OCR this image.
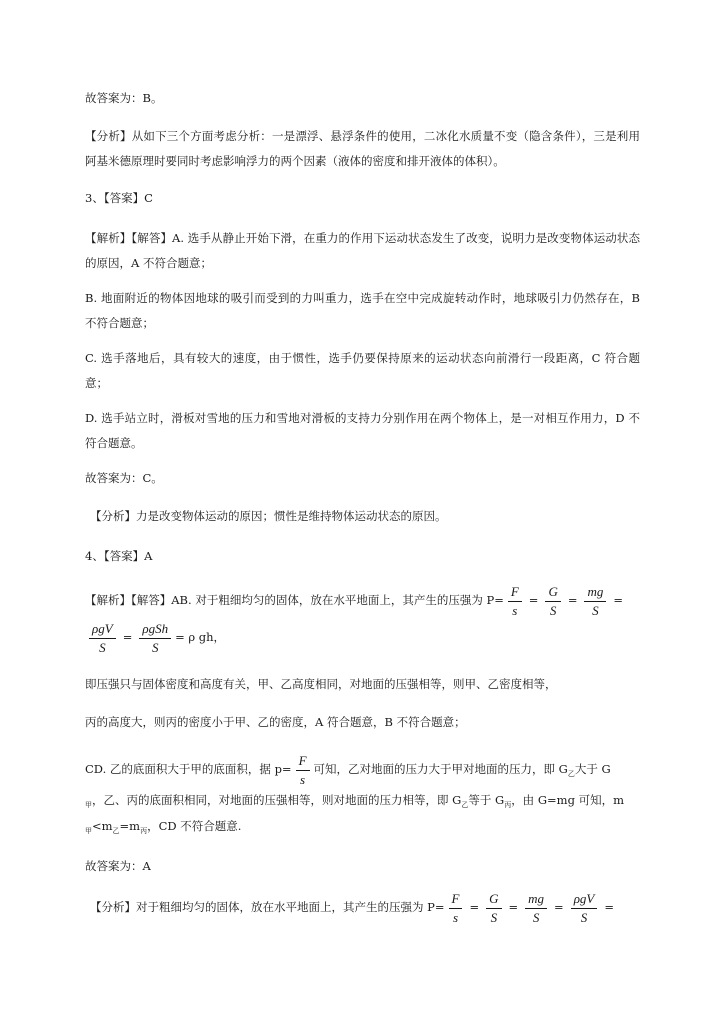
故答案为：B。

【分析】从如下三个方面考虑分析：一是漂浮、悬浮条件的使用，二冰化水质量不变（隐含条件），三是利用阿基米德原理时要同时考虑影响浮力的两个因素（液体的密度和排开液体的体积）。

3、【答案】C

【解析】【解答】A. 选手从静止开始下滑，在重力的作用下运动状态发生了改变，说明力是改变物体运动状态的原因，A 不符合题意；

B. 地面附近的物体因地球的吸引而受到的力叫重力，选手在空中完成旋转动作时，地球吸引力仍然存在，B 不符合题意；

C. 选手落地后，具有较大的速度，由于惯性，选手仍要保持原来的运动状态向前滑行一段距离，C 符合题意；

D. 选手站立时，滑板对雪地的压力和雪地对滑板的支持力分别作用在两个物体上，是一对相互作用力，D 不符合题意。

故答案为：C。

【分析】力是改变物体运动的原因；惯性是维持物体运动状态的原因。

4、【答案】A

【解析】【解答】AB. 对于粗细均匀的固体，放在水平地面上，其产生的压强为 $P= \frac{F}{s} = \frac{G}{S} = \frac{mg}{S}$ =
$\frac{\text{ρgV}}{S} = \frac{\text{ρgSh}}{S} = \rho$ gh，

即压强只与固体密度和高度有关，甲、乙高度相同，对地面的压强相等，则甲、乙密度相等，

丙的高度大，则丙的密度小于甲、乙的密度，A 符合题意，B 不符合题意；

CD. 乙的底面积大于甲的底面积，据 $p= \frac{F}{s}$ 可知，乙对地面的压力大于甲对地面的压力，即 $G_乙$大于 G
$_甲$，乙、丙的底面积相同，对地面的压强相等，则对地面的压力相等，即 $G_乙$等于 $G_丙$，由 G=mg 可知，m
$_甲<m_乙=m_丙$，CD 不符合题意.

故答案为：A

【分析】对于粗细均匀的固体，放在水平地面上，其产生的压强为 $P= \frac{F}{s} = \frac{G}{S} = \frac{mg}{S} = \frac{\text{ρgV}}{S}$ =
